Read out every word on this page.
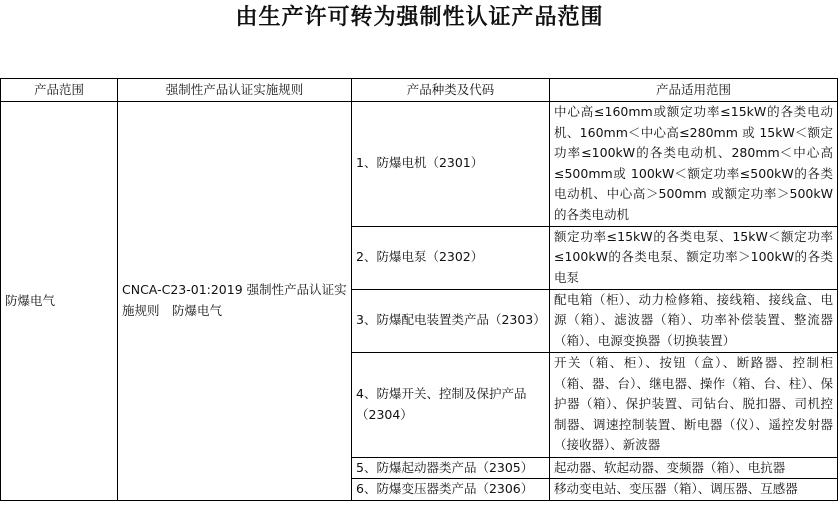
由生产许可转为强制性认证产品范围
产品范围	强制性产品认证实施规则	产品种类及代码	产品适用范围
防爆电气	CNCA-C23-01:2019 强制性产品认证实施规则　防爆电气	1、防爆电机（2301）	中心高≤160mm或额定功率≤15kW的各类电动机、160mm＜中心高≤280mm 或 15kW＜额定功率≤100kW的各类电动机、280mm＜中心高≤500mm或 100kW＜额定功率≤500kW的各类电动机、中心高＞500mm 或额定功率＞500kW的各类电动机
		2、防爆电泵（2302）	额定功率≤15kW的各类电泵、15kW＜额定功率≤100kW的各类电泵、额定功率＞100kW的各类电泵
		3、防爆配电装置类产品（2303）	配电箱（柜）、动力检修箱、接线箱、接线盒、电源（箱）、滤波器（箱）、功率补偿装置、整流器（箱）、电源变换器（切换装置）
		4、防爆开关、控制及保护产品（2304）	开关（箱、柜）、按钮（盒）、断路器、控制柜（箱、器、台）、继电器、操作（箱、台、柱）、保护器（箱）、保护装置、司钻台、脱扣器、司机控制器、调速控制装置、断电器（仪）、遥控发射器（接收器）、新波器
		5、防爆起动器类产品（2305）	起动器、软起动器、变频器（箱）、电抗器
		6、防爆变压器类产品（2306）	移动变电站、变压器（箱）、调压器、互感器
